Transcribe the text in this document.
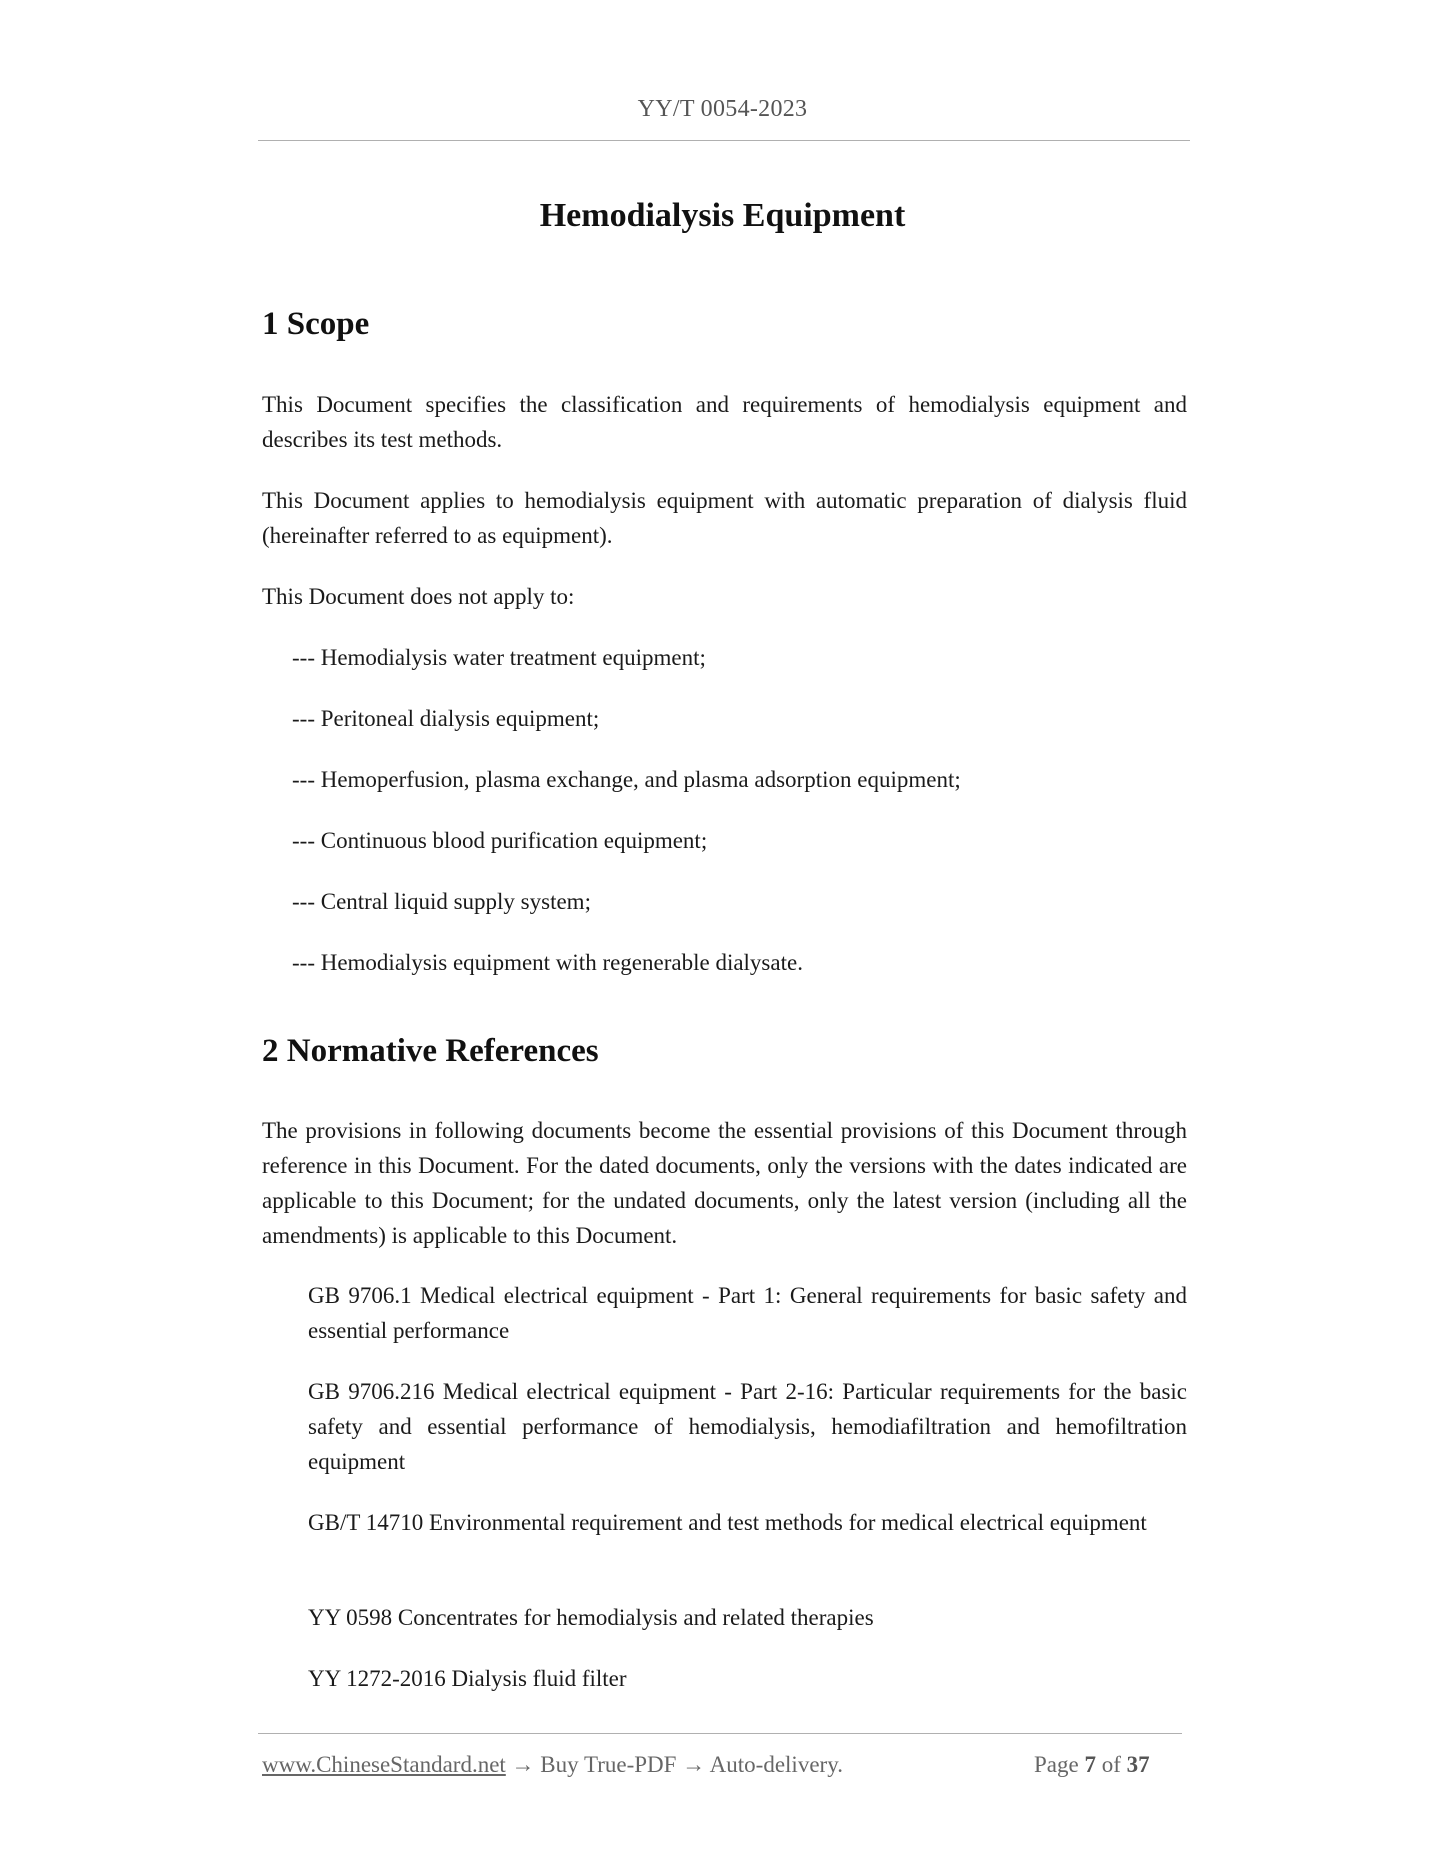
YY/T 0054-2023
Hemodialysis Equipment
1 Scope
This Document specifies the classification and requirements of hemodialysis equipment and describes its test methods.
This Document applies to hemodialysis equipment with automatic preparation of dialysis fluid (hereinafter referred to as equipment).
This Document does not apply to:
--- Hemodialysis water treatment equipment;
--- Peritoneal dialysis equipment;
--- Hemoperfusion, plasma exchange, and plasma adsorption equipment;
--- Continuous blood purification equipment;
--- Central liquid supply system;
--- Hemodialysis equipment with regenerable dialysate.
2 Normative References
The provisions in following documents become the essential provisions of this Document through reference in this Document. For the dated documents, only the versions with the dates indicated are applicable to this Document; for the undated documents, only the latest version (including all the amendments) is applicable to this Document.
GB 9706.1 Medical electrical equipment - Part 1: General requirements for basic safety and essential performance
GB 9706.216 Medical electrical equipment - Part 2-16: Particular requirements for the basic safety and essential performance of hemodialysis, hemodiafiltration and hemofiltration equipment
GB/T 14710 Environmental requirement and test methods for medical electrical equipment
YY 0598 Concentrates for hemodialysis and related therapies
YY 1272-2016 Dialysis fluid filter
www.ChineseStandard.net → Buy True-PDF → Auto-delivery.	Page 7 of 37
